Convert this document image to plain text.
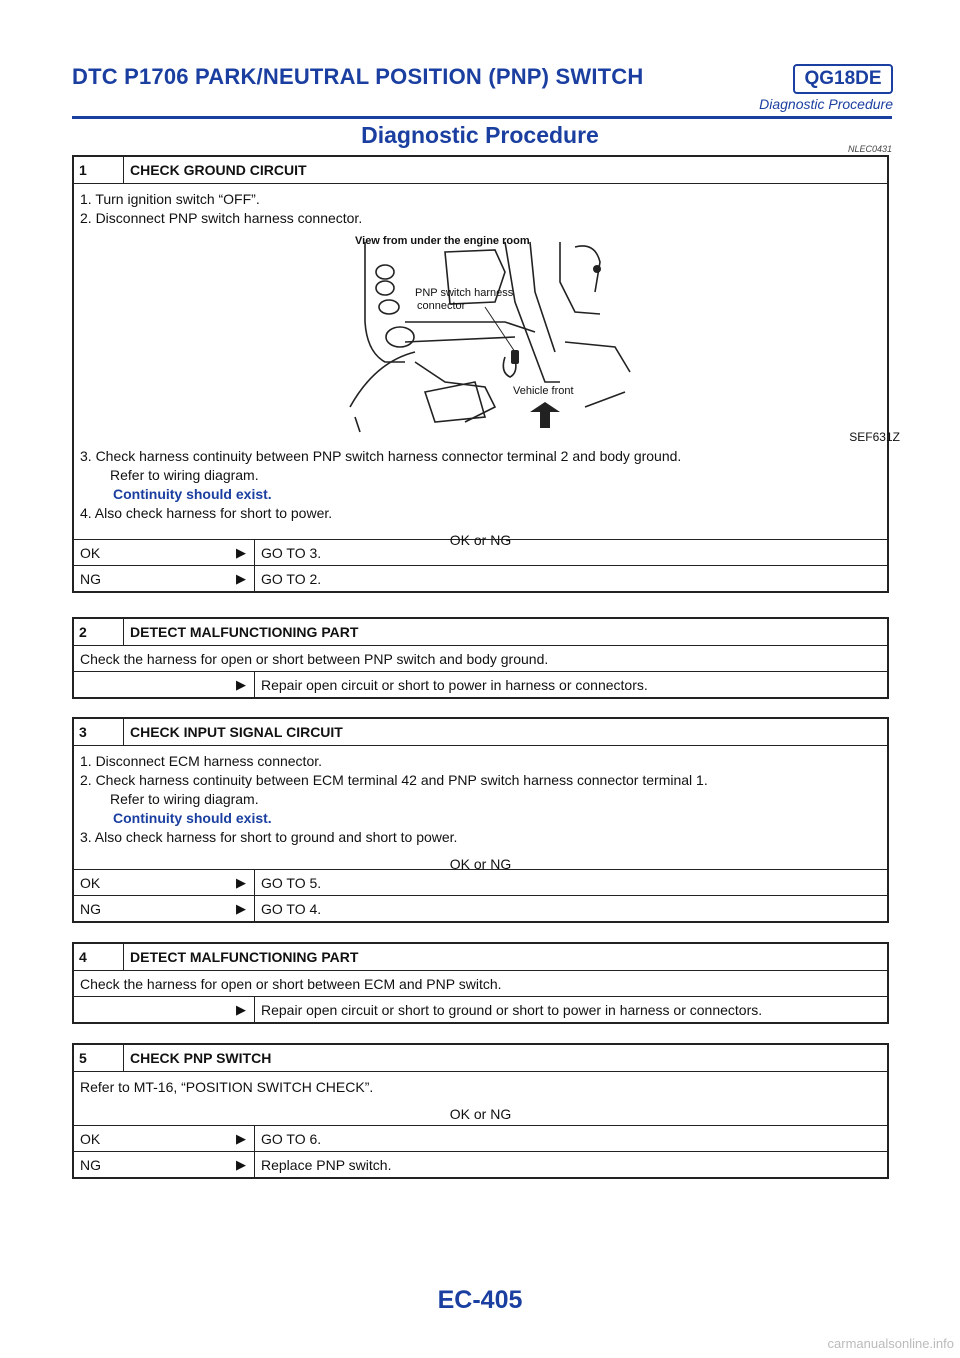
DTC P1706 PARK/NEUTRAL POSITION (PNP) SWITCH	QG18DE
Diagnostic Procedure
Diagnostic Procedure
NLEC0431
1	CHECK GROUND CIRCUIT
1. Turn ignition switch “OFF”.
2. Disconnect PNP switch harness connector.
View from under the engine room
PNP switch harness
connector
Vehicle front
SEF631Z
3. Check harness continuity between PNP switch harness connector terminal 2 and body ground.
Refer to wiring diagram.
Continuity should exist.
4. Also check harness for short to power.
OK or NG
OK	▶	GO TO 3.
NG	▶	GO TO 2.
2	DETECT MALFUNCTIONING PART
Check the harness for open or short between PNP switch and body ground.
▶	Repair open circuit or short to power in harness or connectors.
3	CHECK INPUT SIGNAL CIRCUIT
1. Disconnect ECM harness connector.
2. Check harness continuity between ECM terminal 42 and PNP switch harness connector terminal 1.
Refer to wiring diagram.
Continuity should exist.
3. Also check harness for short to ground and short to power.
OK or NG
OK	▶	GO TO 5.
NG	▶	GO TO 4.
4	DETECT MALFUNCTIONING PART
Check the harness for open or short between ECM and PNP switch.
▶	Repair open circuit or short to ground or short to power in harness or connectors.
5	CHECK PNP SWITCH
Refer to MT-16, “POSITION SWITCH CHECK”.
OK or NG
OK	▶	GO TO 6.
NG	▶	Replace PNP switch.
EC-405
carmanualsonline.info
